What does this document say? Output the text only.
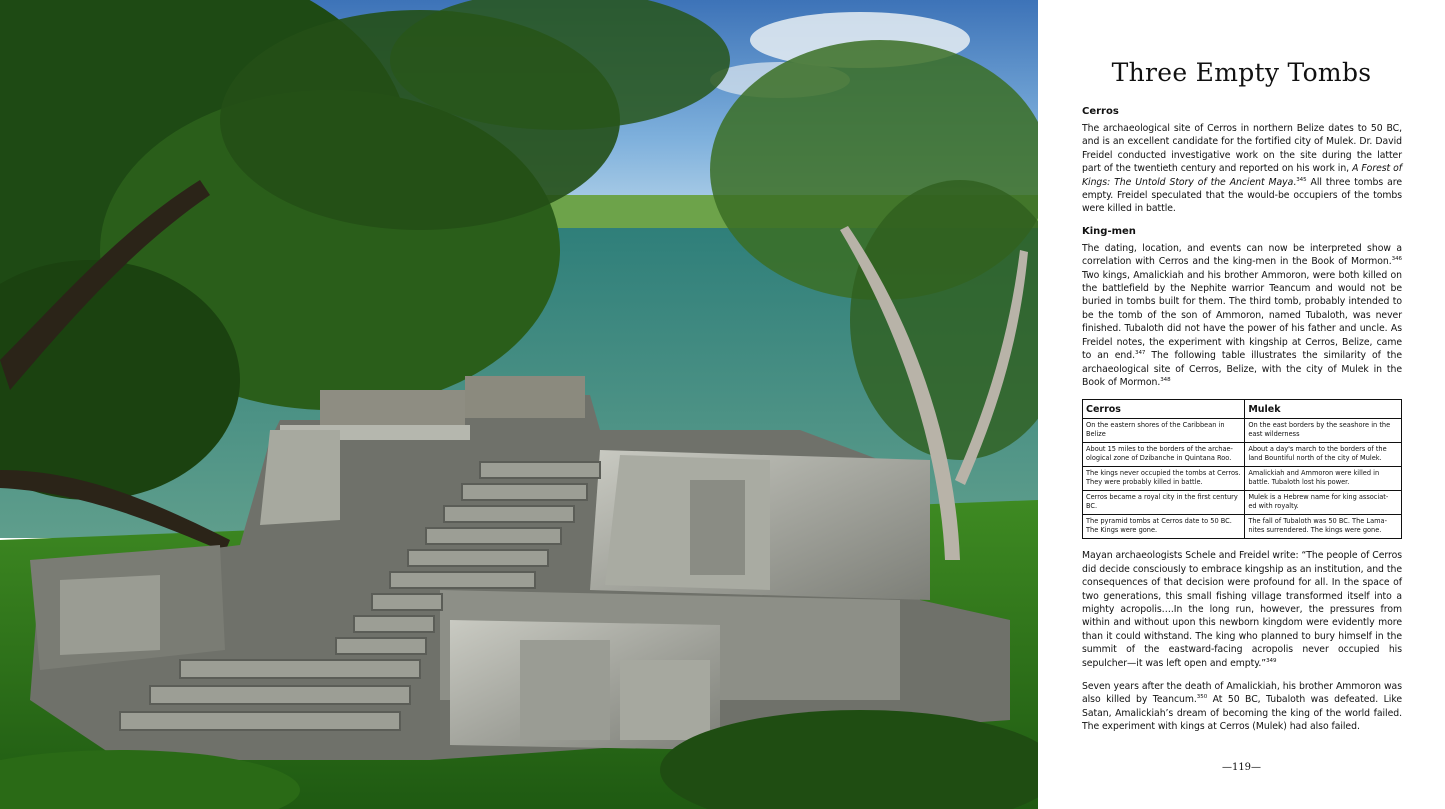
Three Empty Tombs
Cerros

The archaeological site of Cerros in northern Belize dates to 50 BC, and is an excellent candidate for the fortified city of Mulek. Dr. David Freidel conducted investigative work on the site during the latter part of the twentieth century and reported on his work in, A Forest of Kings: The Untold Story of the Ancient Maya.$^{345}$ All three tombs are empty. Freidel speculated that the would-be occupiers of the tombs were killed in battle.

King-men

The dating, location, and events can now be interpreted show a correlation with Cerros and the king-men in the Book of Mormon.$^{346}$ Two kings, Amalickiah and his brother Ammoron, were both killed on the battlefield by the Nephite warrior Teancum and would not be buried in tombs built for them. The third tomb, probably intended to be the tomb of the son of Ammoron, named Tubaloth, was never finished. Tubaloth did not have the power of his father and uncle. As Freidel notes, the experiment with kingship at Cerros, Belize, came to an end.$^{347}$ The following table illustrates the similarity of the archaeological site of Cerros, Belize, with the city of Mulek in the Book of Mormon.$^{348}$

Cerros	Mulek
On the eastern shores of the Caribbean in Belize	On the east borders by the seashore in the east wilderness
About 15 miles to the borders of the archae- ological zone of Dzibanche in Quintana Roo.	About a day's march to the borders of the land Bountiful north of the city of Mulek.
The kings never occupied the tombs at Cerros. They were probably killed in battle.	Amalickiah and Ammoron were killed in battle. Tubaloth lost his power.
Cerros became a royal city in the first century BC.	Mulek is a Hebrew name for king associat- ed with royalty.
The pyramid tombs at Cerros date to 50 BC. The Kings were gone.	The fall of Tubaloth was 50 BC. The Lama- nites surrendered. The kings were gone.

Mayan archaeologists Schele and Freidel write: “The people of Cerros did decide consciously to embrace kingship as an institution, and the consequences of that decision were profound for all. In the space of two generations, this small fishing village transformed itself into a mighty acropolis….In the long run, however, the pressures from within and without upon this newborn kingdom were evidently more than it could withstand. The king who planned to bury himself in the summit of the eastward-facing acropolis never occupied his sepulcher—it was left open and empty.”$^{349}$

Seven years after the death of Amalickiah, his brother Ammoron was also killed by Teancum.$^{350}$ At 50 BC, Tubaloth was defeated. Like Satan, Amalickiah’s dream of becoming the king of the world failed. The experiment with kings at Cerros (Mulek) had also failed.

—119—
